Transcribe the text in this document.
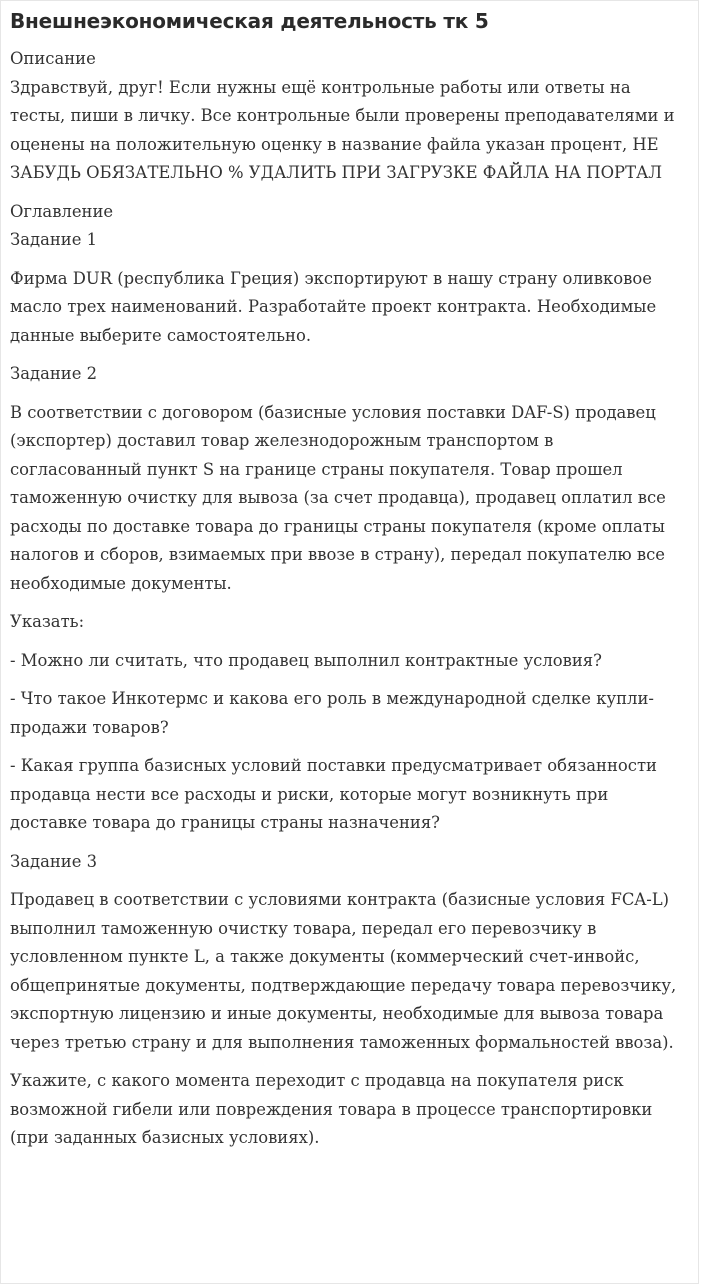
Внешнеэкономическая деятельность тк 5
Описание

Здравствуй, друг! Если нужны ещё контрольные работы или ответы на тесты, пиши в личку. Все контрольные были проверены преподавателями и оценены на положительную оценку в название файла указан процент, НЕ ЗАБУДЬ ОБЯЗАТЕЛЬНО % УДАЛИТЬ ПРИ ЗАГРУЗКЕ ФАЙЛА НА ПОРТАЛ

Оглавление

Задание 1

Фирма DUR (республика Греция) экспортируют в нашу страну оливковое масло трех наименований. Разработайте проект контракта. Необходимые данные выберите самостоятельно.

Задание 2

В соответствии с договором (базисные условия поставки DAF-S) продавец (экспортер) доставил товар железнодорожным транспортом в согласованный пункт S на границе страны покупателя. Товар прошел таможенную очистку для вывоза (за счет продавца), продавец оплатил все расходы по доставке товара до границы страны покупателя (кроме оплаты налогов и сборов, взимаемых при ввозе в страну), передал покупателю все необходимые документы.

Указать:

- Можно ли считать, что продавец выполнил контрактные условия?

- Что такое Инкотермс и какова его роль в международной сделке купли-продажи товаров?

- Какая группа базисных условий поставки предусматривает обязанности продавца нести все расходы и риски, которые могут возникнуть при доставке товара до границы страны назначения?

Задание 3

Продавец в соответствии с условиями контракта (базисные условия FCA-L) выполнил таможенную очистку товара, передал его перевозчику в условленном пункте L, а также документы (коммерческий счет-инвойс, общепринятые документы, подтверждающие передачу товара перевозчику, экспортную лицензию и иные документы, необходимые для вывоза товара через третью страну и для выполнения таможенных формальностей ввоза).

Укажите, с какого момента переходит с продавца на покупателя риск возможной гибели или повреждения товара в процессе транспортировки (при заданных базисных условиях).
